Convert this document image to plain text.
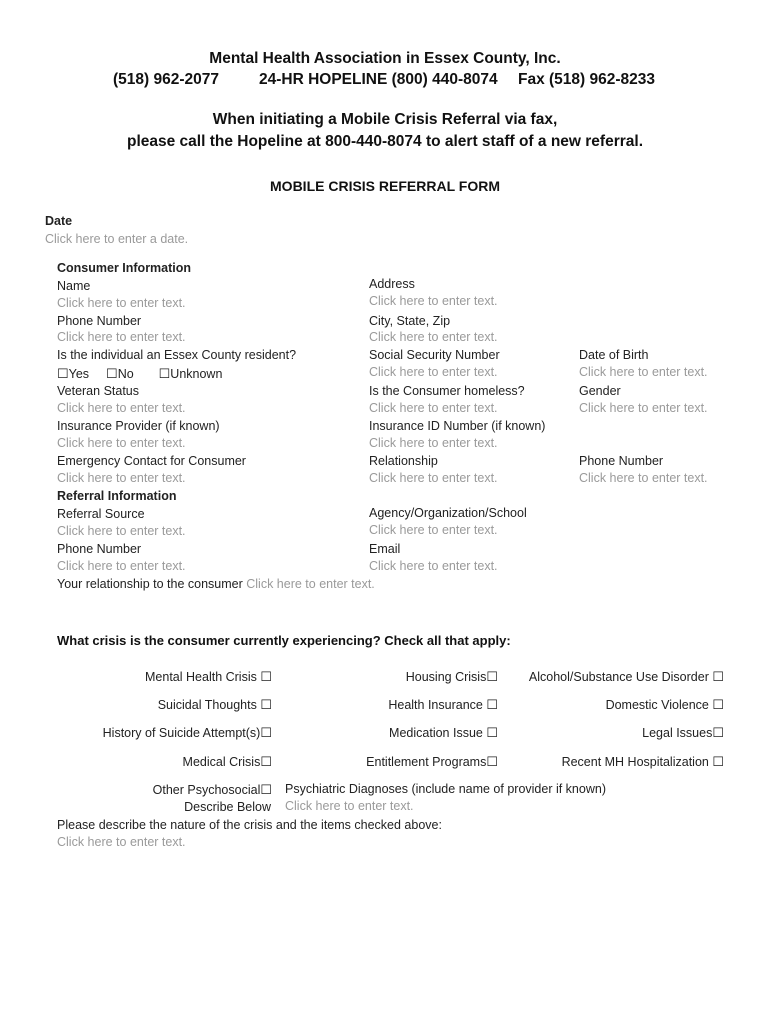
Mental Health Association in Essex County, Inc.
(518) 962-2077	24-HR HOPELINE (800) 440-8074 Fax (518) 962-8233
When initiating a Mobile Crisis Referral via fax,
please call the Hopeline at 800-440-8074 to alert staff of a new referral.
MOBILE CRISIS REFERRAL FORM
Date
Click here to enter a date.
Consumer Information
Name
Click here to enter text.
Phone Number
Click here to enter text.
Is the individual an Essex County resident?
☐Yes ☐No ☐Unknown
Veteran Status
Click here to enter text.
Insurance Provider (if known)
Click here to enter text.
Emergency Contact for Consumer
Click here to enter text.
Address
Click here to enter text.
City, State, Zip
Click here to enter text.
Social Security Number
Click here to enter text.
Is the Consumer homeless?
Click here to enter text.
Insurance ID Number (if known)
Click here to enter text.
Relationship
Click here to enter text.
Date of Birth
Click here to enter text.
Gender
Click here to enter text.
Phone Number
Click here to enter text.
Referral Information
Referral Source
Click here to enter text.
Phone Number
Click here to enter text.
Your relationship to the consumer Click here to enter text.
Agency/Organization/School
Click here to enter text.
Email
Click here to enter text.
What crisis is the consumer currently experiencing? Check all that apply:
Mental Health Crisis ☐
Suicidal Thoughts ☐
History of Suicide Attempt(s)☐
Medical Crisis☐
Housing Crisis☐
Health Insurance ☐
Medication Issue ☐
Entitlement Programs☐
Alcohol/Substance Use Disorder ☐
Domestic Violence ☐
Legal Issues☐
Recent MH Hospitalization ☐
Other Psychosocial☐
Describe Below
Psychiatric Diagnoses (include name of provider if known)
Click here to enter text.
Please describe the nature of the crisis and the items checked above:
Click here to enter text.
